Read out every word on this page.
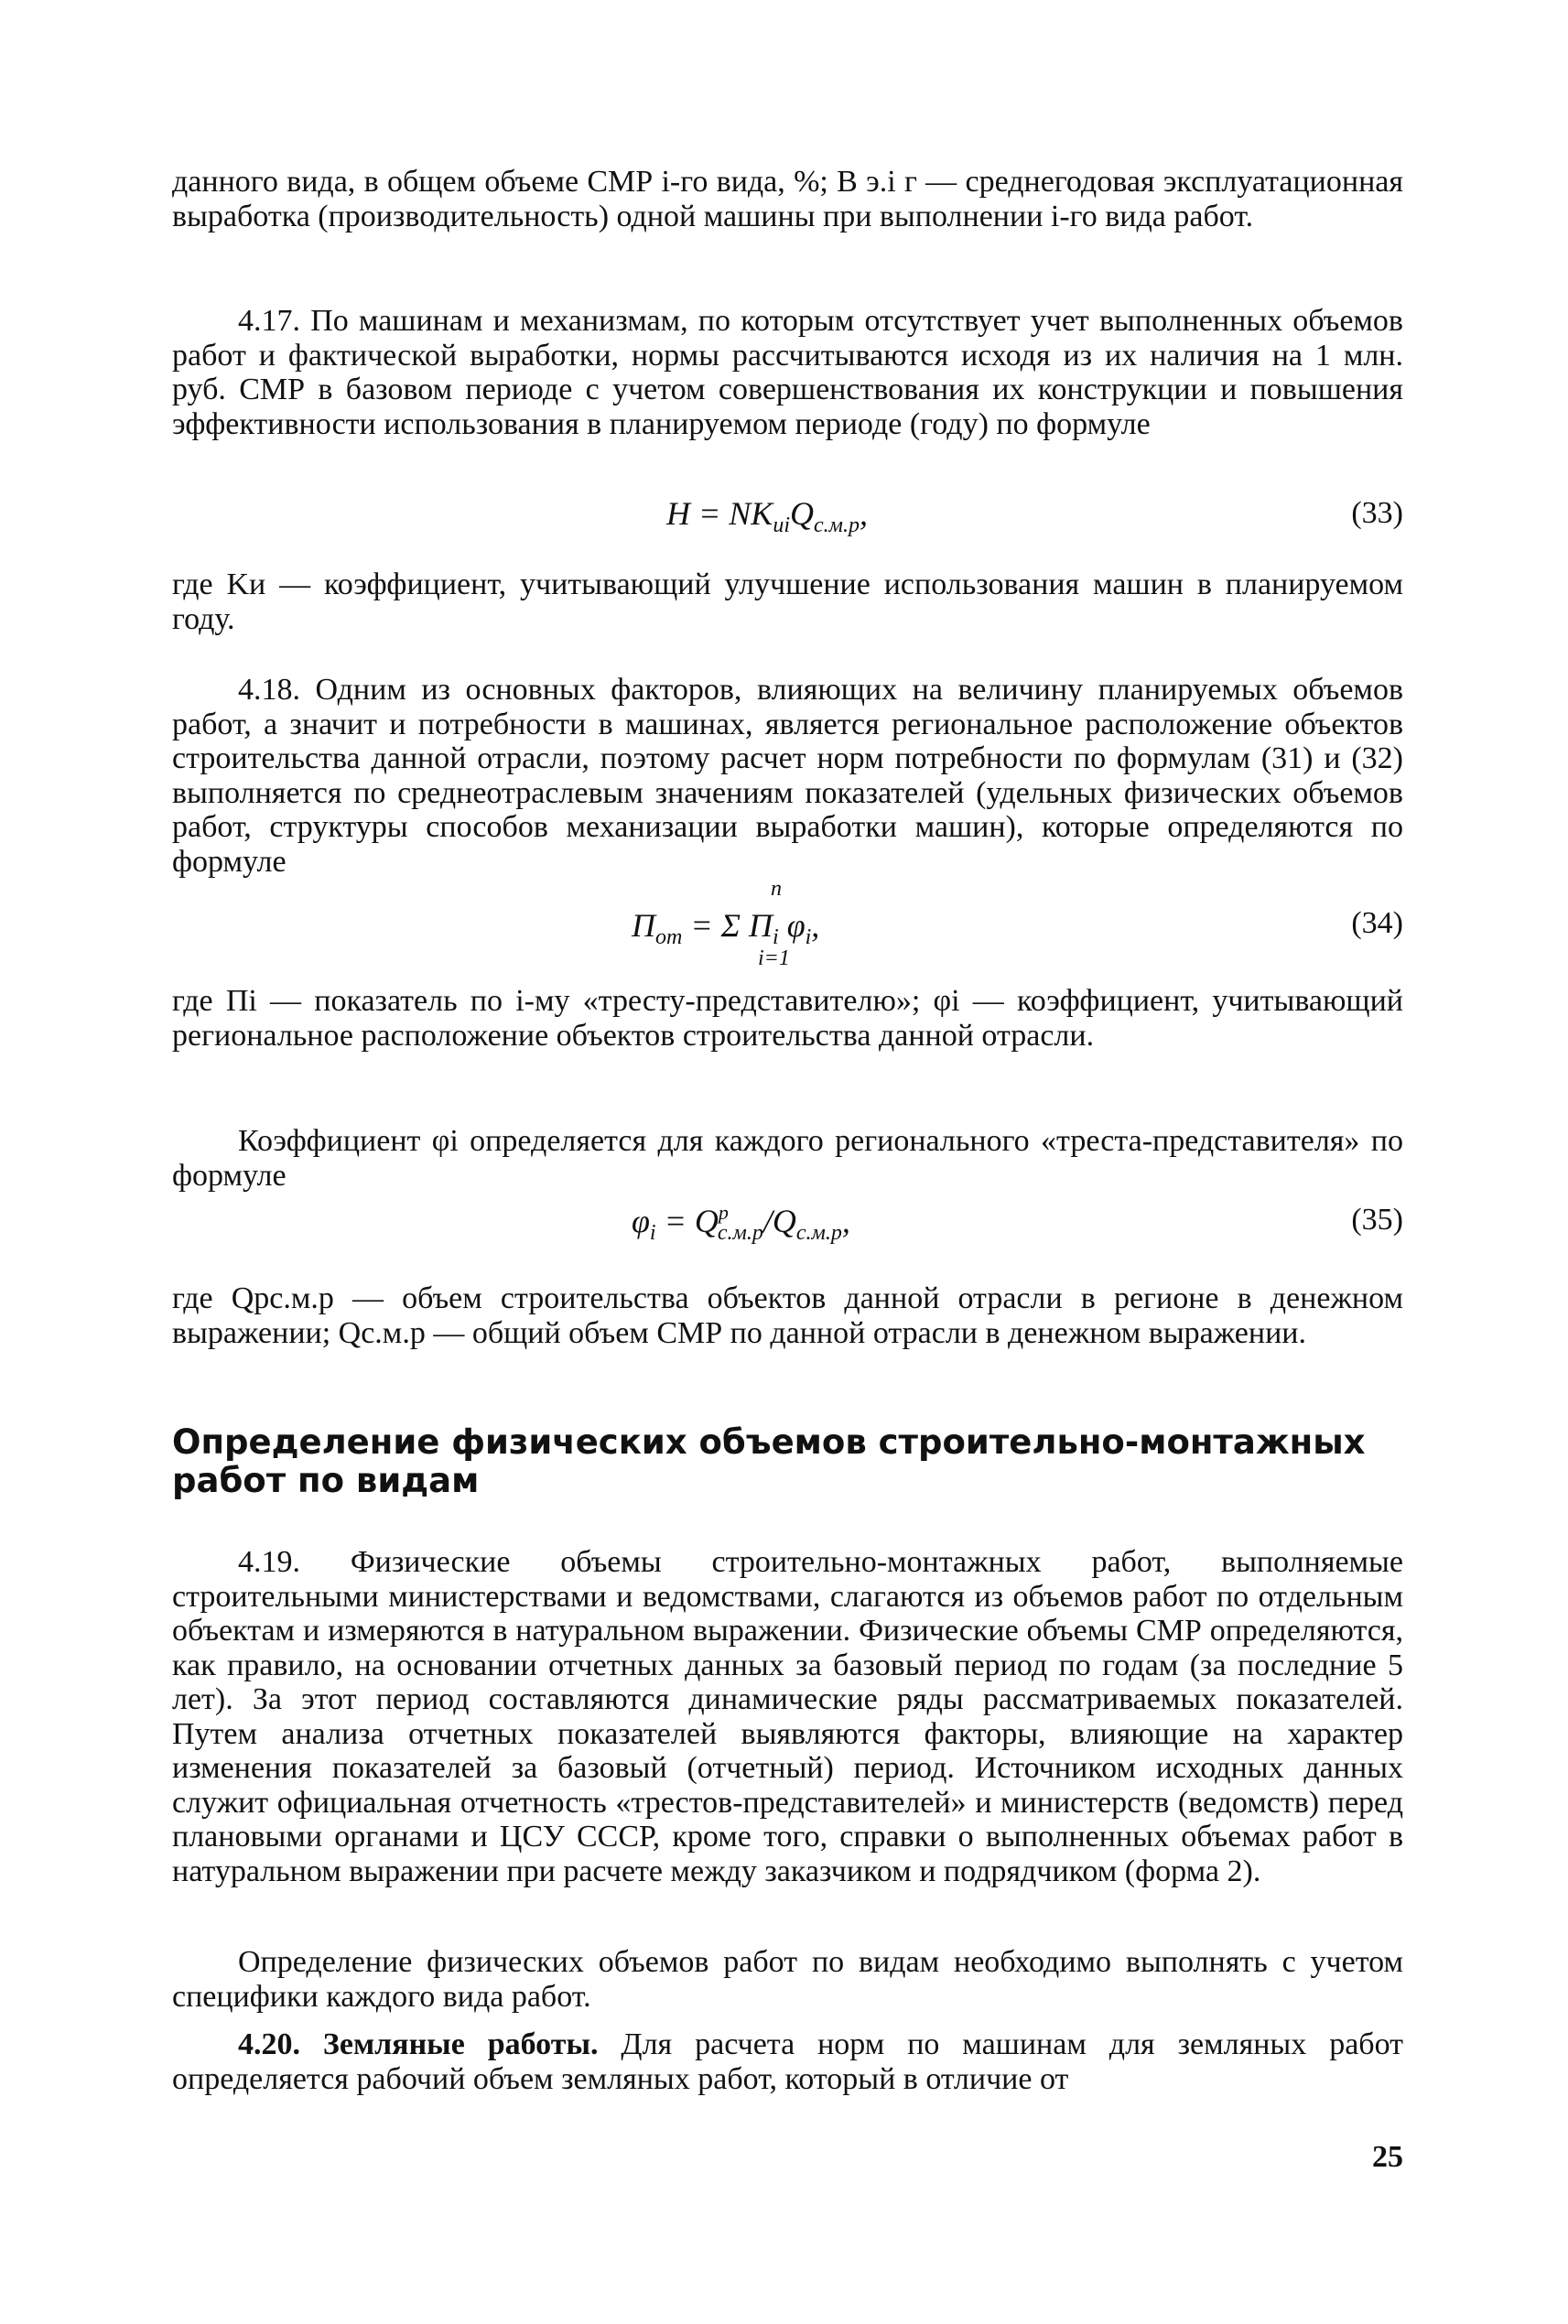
данного вида, в общем объеме СМР i-го вида, %; В э.i г — среднегодовая эксплуатационная выработка (производительность) одной машины при выполнении i-го вида работ.

4.17. По машинам и механизмам, по которым отсутствует учет выполненных объемов работ и фактической выработки, нормы рассчитываются исходя из их наличия на 1 млн. руб. СМР в базовом периоде с учетом совершенствования их конструкции и повышения эффективности использования в планируемом периоде (году) по формуле

$Н = NK_{иi}Q_{с.м.р}$,	(33)

где Kи — коэффициент, учитывающий улучшение использования машин в планируемом году.

4.18. Одним из основных факторов, влияющих на величину планируемых объемов работ, а значит и потребности в машинах, является региональное расположение объектов строительства данной отрасли, поэтому расчет норм потребности по формулам (31) и (32) выполняется по среднеотраслевым значениям показателей (удельных физических объемов работ, структуры способов механизации выработки машин), которые определяются по формуле

n
$П_{от} = \Sigma$ $П_i$ $\varphi_i$,
i=1

(34)

где Пi — показатель по i-му «тресту-представителю»; φi — коэффициент, учитывающий региональное расположение объектов строительства данной отрасли.

Коэффициент φi определяется для каждого регионального «треста-представителя» по формуле

$\varphi_i = Q^р_{с.м.р}/Q_{с.м.р}$,	(35)

где Qрс.м.р — объем строительства объектов данной отрасли в регионе в денежном выражении; Qс.м.р — общий объем СМР по данной отрасли в денежном выражении.

Определение физических объемов строительно-монтажных работ по видам

4.19. Физические объемы строительно-монтажных работ, выполняемые строительными министерствами и ведомствами, слагаются из объемов работ по отдельным объектам и измеряются в натуральном выражении. Физические объемы СМР определяются, как правило, на основании отчетных данных за базовый период по годам (за последние 5 лет). За этот период составляются динамические ряды рассматриваемых показателей. Путем анализа отчетных показателей выявляются факторы, влияющие на характер изменения показателей за базовый (отчетный) период. Источником исходных данных служит официальная отчетность «трестов-представителей» и министерств (ведомств) перед плановыми органами и ЦСУ СССР, кроме того, справки о выполненных объемах работ в натуральном выражении при расчете между заказчиком и подрядчиком (форма 2).

Определение физических объемов работ по видам необходимо выполнять с учетом специфики каждого вида работ.

4.20. Земляные работы. Для расчета норм по машинам для земляных работ определяется рабочий объем земляных работ, который в отличие от

25
